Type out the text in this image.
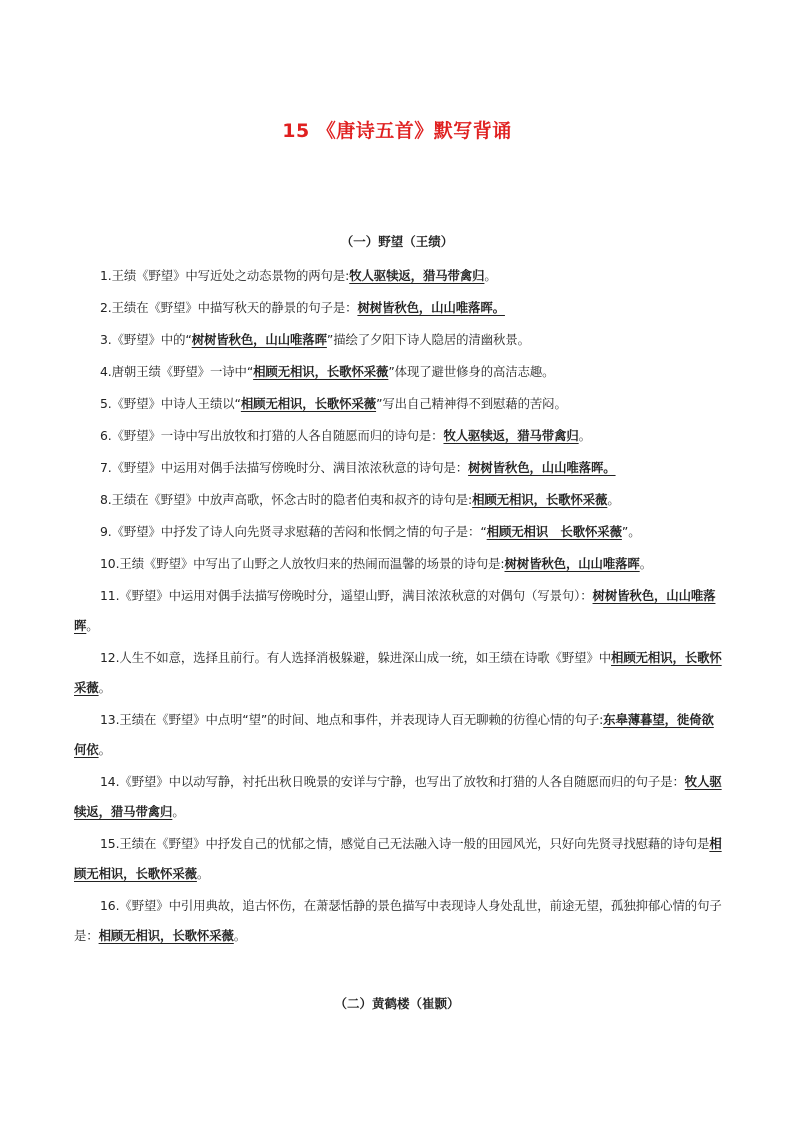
15 《唐诗五首》默写背诵
（一）野望（王绩）

1.王绩《野望》中写近处之动态景物的两句是:牧人驱犊返，猎马带禽归。

2.王绩在《野望》中描写秋天的静景的句子是：树树皆秋色，山山唯落晖。

3.《野望》中的“树树皆秋色，山山唯落晖”描绘了夕阳下诗人隐居的清幽秋景。

4.唐朝王绩《野望》一诗中“相顾无相识，长歌怀采薇”体现了避世修身的高洁志趣。

5.《野望》中诗人王绩以“相顾无相识，长歌怀采薇”写出自己精神得不到慰藉的苦闷。

6.《野望》一诗中写出放牧和打猎的人各自随愿而归的诗句是：牧人驱犊返，猎马带禽归。

7.《野望》中运用对偶手法描写傍晚时分、满目浓浓秋意的诗句是：树树皆秋色，山山唯落晖。

8.王绩在《野望》中放声高歌，怀念古时的隐者伯夷和叔齐的诗句是:相顾无相识，长歌怀采薇。

9.《野望》中抒发了诗人向先贤寻求慰藉的苦闷和怅惘之情的句子是：“相顾无相识　长歌怀采薇”。

10.王绩《野望》中写出了山野之人放牧归来的热闹而温馨的场景的诗句是:树树皆秋色，山山唯落晖。

11.《野望》中运用对偶手法描写傍晚时分，遥望山野，满目浓浓秋意的对偶句（写景句）：树树皆秋色，山山唯落晖。

12.人生不如意，选择且前行。有人选择消极躲避，躲进深山成一统，如王绩在诗歌《野望》中相顾无相识，长歌怀采薇。

13.王绩在《野望》中点明“望”的时间、地点和事件，并表现诗人百无聊赖的彷徨心情的句子:东皋薄暮望，徙倚欲何依。

14.《野望》中以动写静，衬托出秋日晚景的安详与宁静，也写出了放牧和打猎的人各自随愿而归的句子是：牧人驱犊返，猎马带禽归。

15.王绩在《野望》中抒发自己的忧郁之情，感觉自己无法融入诗一般的田园风光，只好向先贤寻找慰藉的诗句是相顾无相识，长歌怀采薇。

16.《野望》中引用典故，追古怀伤，在萧瑟恬静的景色描写中表现诗人身处乱世，前途无望，孤独抑郁心情的句子是：相顾无相识，长歌怀采薇。

（二）黄鹤楼（崔颢）
